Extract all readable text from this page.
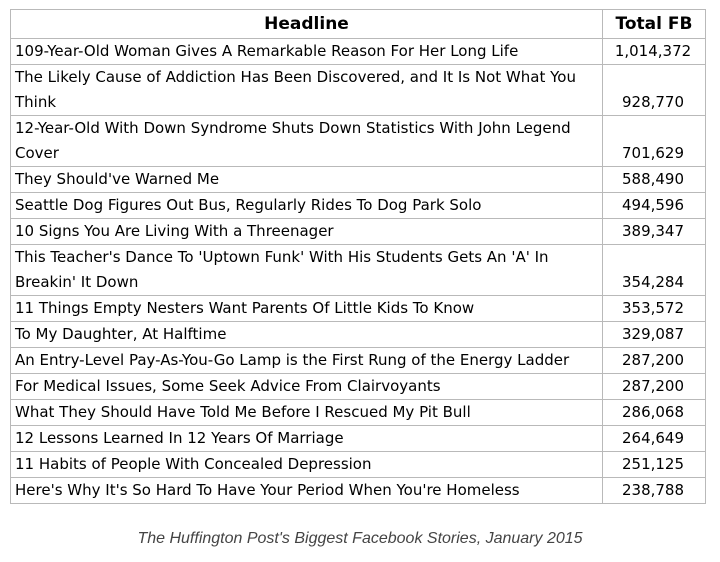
Headline	Total FB
109-Year-Old Woman Gives A Remarkable Reason For Her Long Life	1,014,372
The Likely Cause of Addiction Has Been Discovered, and It Is Not What You Think	928,770
12-Year-Old With Down Syndrome Shuts Down Statistics With John Legend Cover	701,629
They Should've Warned Me	588,490
Seattle Dog Figures Out Bus, Regularly Rides To Dog Park Solo	494,596
10 Signs You Are Living With a Threenager	389,347
This Teacher's Dance To 'Uptown Funk' With His Students Gets An 'A' In Breakin' It Down	354,284
11 Things Empty Nesters Want Parents Of Little Kids To Know	353,572
To My Daughter, At Halftime	329,087
An Entry-Level Pay-As-You-Go Lamp is the First Rung of the Energy Ladder	287,200
For Medical Issues, Some Seek Advice From Clairvoyants	287,200
What They Should Have Told Me Before I Rescued My Pit Bull	286,068
12 Lessons Learned In 12 Years Of Marriage	264,649
11 Habits of People With Concealed Depression	251,125
Here's Why It's So Hard To Have Your Period When You're Homeless	238,788
The Huffington Post's Biggest Facebook Stories, January 2015
